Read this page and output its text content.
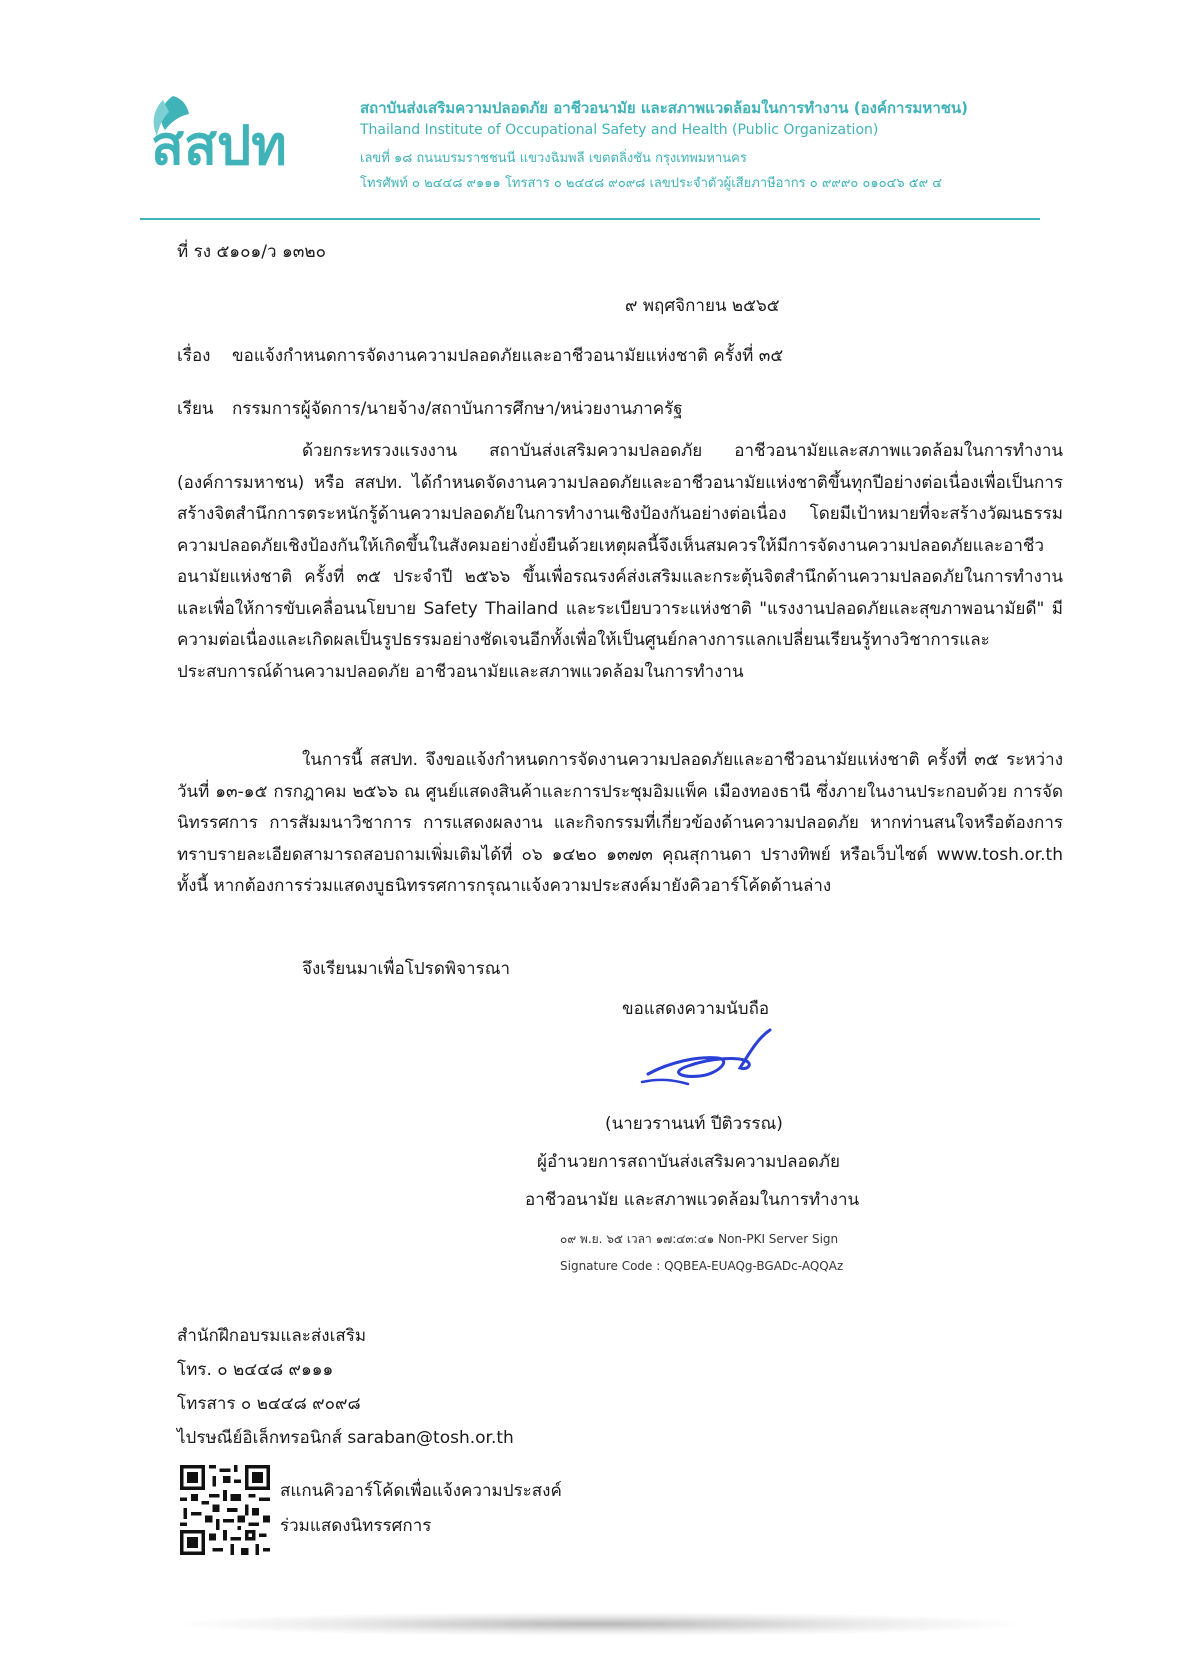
สสปท
สถาบันส่งเสริมความปลอดภัย อาชีวอนามัย และสภาพแวดล้อมในการทำงาน (องค์การมหาชน)
Thailand Institute of Occupational Safety and Health (Public Organization)
เลขที่ ๑๘ ถนนบรมราชชนนี แขวงฉิมพลี เขตตลิ่งชัน กรุงเทพมหานคร
โทรศัพท์ ๐ ๒๔๔๘ ๙๑๑๑ โทรสาร ๐ ๒๔๔๘ ๙๐๙๘ เลขประจำตัวผู้เสียภาษีอากร ๐ ๙๙๙๐ ๐๑๐๔๖ ๕๙ ๔
ที่ รง ๕๑๐๑/ว ๑๓๒๐
๙ พฤศจิกายน ๒๕๖๕
เรื่อง ขอแจ้งกำหนดการจัดงานความปลอดภัยและอาชีวอนามัยแห่งชาติ ครั้งที่ ๓๕
เรียน กรรมการผู้จัดการ/นายจ้าง/สถาบันการศึกษา/หน่วยงานภาครัฐ
ด้วยกระทรวงแรงงาน สถาบันส่งเสริมความปลอดภัย อาชีวอนามัยและสภาพแวดล้อมในการทำงาน (องค์การมหาชน) หรือ สสปท. ได้กำหนดจัดงานความปลอดภัยและอาชีวอนามัยแห่งชาติขึ้นทุกปีอย่างต่อเนื่องเพื่อเป็นการสร้างจิตสำนึกการตระหนักรู้ด้านความปลอดภัยในการทำงานเชิงป้องกันอย่างต่อเนื่อง โดยมีเป้าหมายที่จะสร้างวัฒนธรรมความปลอดภัยเชิงป้องกันให้เกิดขึ้นในสังคมอย่างยั่งยืนด้วยเหตุผลนี้จึงเห็นสมควรให้มีการจัดงานความปลอดภัยและอาชีวอนามัยแห่งชาติ ครั้งที่ ๓๕ ประจำปี ๒๕๖๖ ขึ้นเพื่อรณรงค์ส่งเสริมและกระตุ้นจิตสำนึกด้านความปลอดภัยในการทำงาน และเพื่อให้การขับเคลื่อนนโยบาย Safety Thailand และระเบียบวาระแห่งชาติ "แรงงานปลอดภัยและสุขภาพอนามัยดี" มีความต่อเนื่องและเกิดผลเป็นรูปธรรมอย่างชัดเจนอีกทั้งเพื่อให้เป็นศูนย์กลางการแลกเปลี่ยนเรียนรู้ทางวิชาการและประสบการณ์ด้านความปลอดภัย อาชีวอนามัยและสภาพแวดล้อมในการทำงาน
ในการนี้ สสปท. จึงขอแจ้งกำหนดการจัดงานความปลอดภัยและอาชีวอนามัยแห่งชาติ ครั้งที่ ๓๕ ระหว่างวันที่ ๑๓-๑๕ กรกฎาคม ๒๕๖๖ ณ ศูนย์แสดงสินค้าและการประชุมอิมแพ็ค เมืองทองธานี ซึ่งภายในงานประกอบด้วย การจัดนิทรรศการ การสัมมนาวิชาการ การแสดงผลงาน และกิจกรรมที่เกี่ยวข้องด้านความปลอดภัย หากท่านสนใจหรือต้องการทราบรายละเอียดสามารถสอบถามเพิ่มเติมได้ที่ ๐๖ ๑๔๒๐ ๑๓๗๓ คุณสุกานดา ปรางทิพย์ หรือเว็บไซต์ www.tosh.or.th ทั้งนี้ หากต้องการร่วมแสดงบูธนิทรรศการกรุณาแจ้งความประสงค์มายังคิวอาร์โค้ดด้านล่าง
จึงเรียนมาเพื่อโปรดพิจารณา
ขอแสดงความนับถือ
(นายวรานนท์ ปีติวรรณ)
ผู้อำนวยการสถาบันส่งเสริมความปลอดภัย
อาชีวอนามัย และสภาพแวดล้อมในการทำงาน
๐๙ พ.ย. ๖๕ เวลา ๑๗:๔๓:๔๑ Non-PKI Server Sign
Signature Code : QQBEA-EUAQg-BGADc-AQQAz
สำนักฝึกอบรมและส่งเสริม
โทร. ๐ ๒๔๔๘ ๙๑๑๑
โทรสาร ๐ ๒๔๔๘ ๙๐๙๘
ไปรษณีย์อิเล็กทรอนิกส์ saraban@tosh.or.th
สแกนคิวอาร์โค้ดเพื่อแจ้งความประสงค์
ร่วมแสดงนิทรรศการ
